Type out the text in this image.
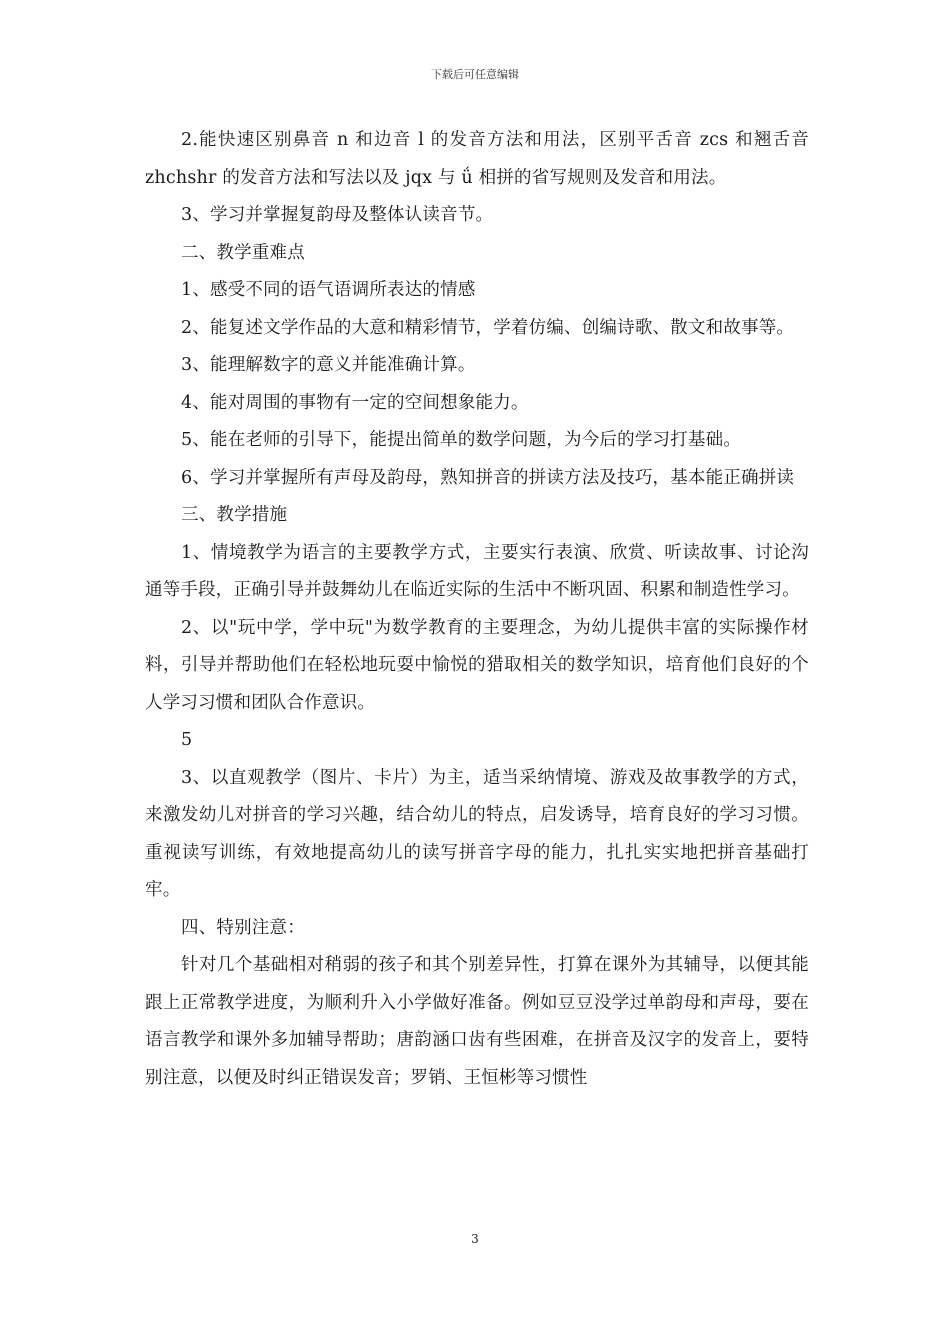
下载后可任意编辑

2.能快速区别鼻音 n 和边音 l 的发音方法和用法，区别平舌音 zcs 和翘舌音 zhchshr 的发音方法和写法以及 jqx 与 ǘ 相拼的省写规则及发音和用法。

3、学习并掌握复韵母及整体认读音节。

二、教学重难点

1、感受不同的语气语调所表达的情感

2、能复述文学作品的大意和精彩情节，学着仿编、创编诗歌、散文和故事等。

3、能理解数字的意义并能准确计算。

4、能对周围的事物有一定的空间想象能力。

5、能在老师的引导下，能提出简单的数学问题，为今后的学习打基础。

6、学习并掌握所有声母及韵母，熟知拼音的拼读方法及技巧，基本能正确拼读

三、教学措施

1、情境教学为语言的主要教学方式，主要实行表演、欣赏、听读故事、讨论沟通等手段，正确引导并鼓舞幼儿在临近实际的生活中不断巩固、积累和制造性学习。

2、以"玩中学，学中玩"为数学教育的主要理念，为幼儿提供丰富的实际操作材料，引导并帮助他们在轻松地玩耍中愉悦的猎取相关的数学知识，培育他们良好的个人学习习惯和团队合作意识。

5

3、以直观教学（图片、卡片）为主，适当采纳情境、游戏及故事教学的方式，来激发幼儿对拼音的学习兴趣，结合幼儿的特点，启发诱导，培育良好的学习习惯。重视读写训练，有效地提高幼儿的读写拼音字母的能力，扎扎实实地把拼音基础打牢。

四、特别注意：

针对几个基础相对稍弱的孩子和其个别差异性，打算在课外为其辅导，以便其能跟上正常教学进度，为顺利升入小学做好准备。例如豆豆没学过单韵母和声母，要在语言教学和课外多加辅导帮助；唐韵涵口齿有些困难，在拼音及汉字的发音上，要特别注意，以便及时纠正错误发音；罗销、王恒彬等习惯性

3
